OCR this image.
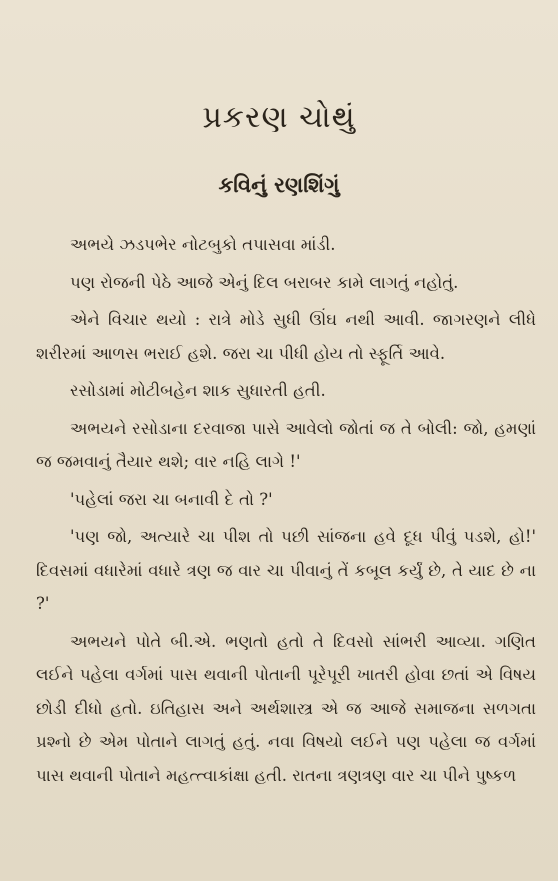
પ્રકરણ ચોથું
કવિનું રણશિંગું

અભયે ઝડપભેર નોટબુકો તપાસવા માંડી.

પણ રોજની પેઠે આજે એનું દિલ બરાબર કામે લાગતું નહોતું.

એને વિચાર થયો : રાત્રે મોડે સુધી ઊંઘ નથી આવી. જાગરણને લીધે શરીરમાં આળસ ભરાઈ હશે. જરા ચા પીધી હોય તો સ્ફૂર્તિ આવે.

રસોડામાં મોટીબહેન શાક સુધારતી હતી.

અભયને રસોડાના દરવાજા પાસે આવેલો જોતાં જ તે બોલી: જો, હમણાં જ જમવાનું તૈયાર થશે; વાર નહિ લાગે !'

'પહેલાં જરા ચા બનાવી દે તો ?'

'પણ જો, અત્યારે ચા પીશ તો પછી સાંજના હવે દૂધ પીવું પડશે, હો!' દિવસમાં વધારેમાં વધારે ત્રણ જ વાર ચા પીવાનું તેં કબૂલ કર્યું છે, તે યાદ છે ના ?'

અભયને પોતે બી.એ. ભણતો હતો તે દિવસો સાંભરી આવ્યા. ગણિત લઈને પહેલા વર્ગમાં પાસ થવાની પોતાની પૂરેપૂરી ખાતરી હોવા છતાં એ વિષય છોડી દીધો હતો. ઇતિહાસ અને અર્થશાસ્ત્ર એ જ આજે સમાજના સળગતા પ્રશ્નો છે એમ પોતાને લાગતું હતું. નવા વિષયો લઈને પણ પહેલા જ વર્ગમાં પાસ થવાની પોતાને મહત્ત્વાકાંક્ષા હતી. રાતના ત્રણત્રણ વાર ચા પીને પુષ્કળ
